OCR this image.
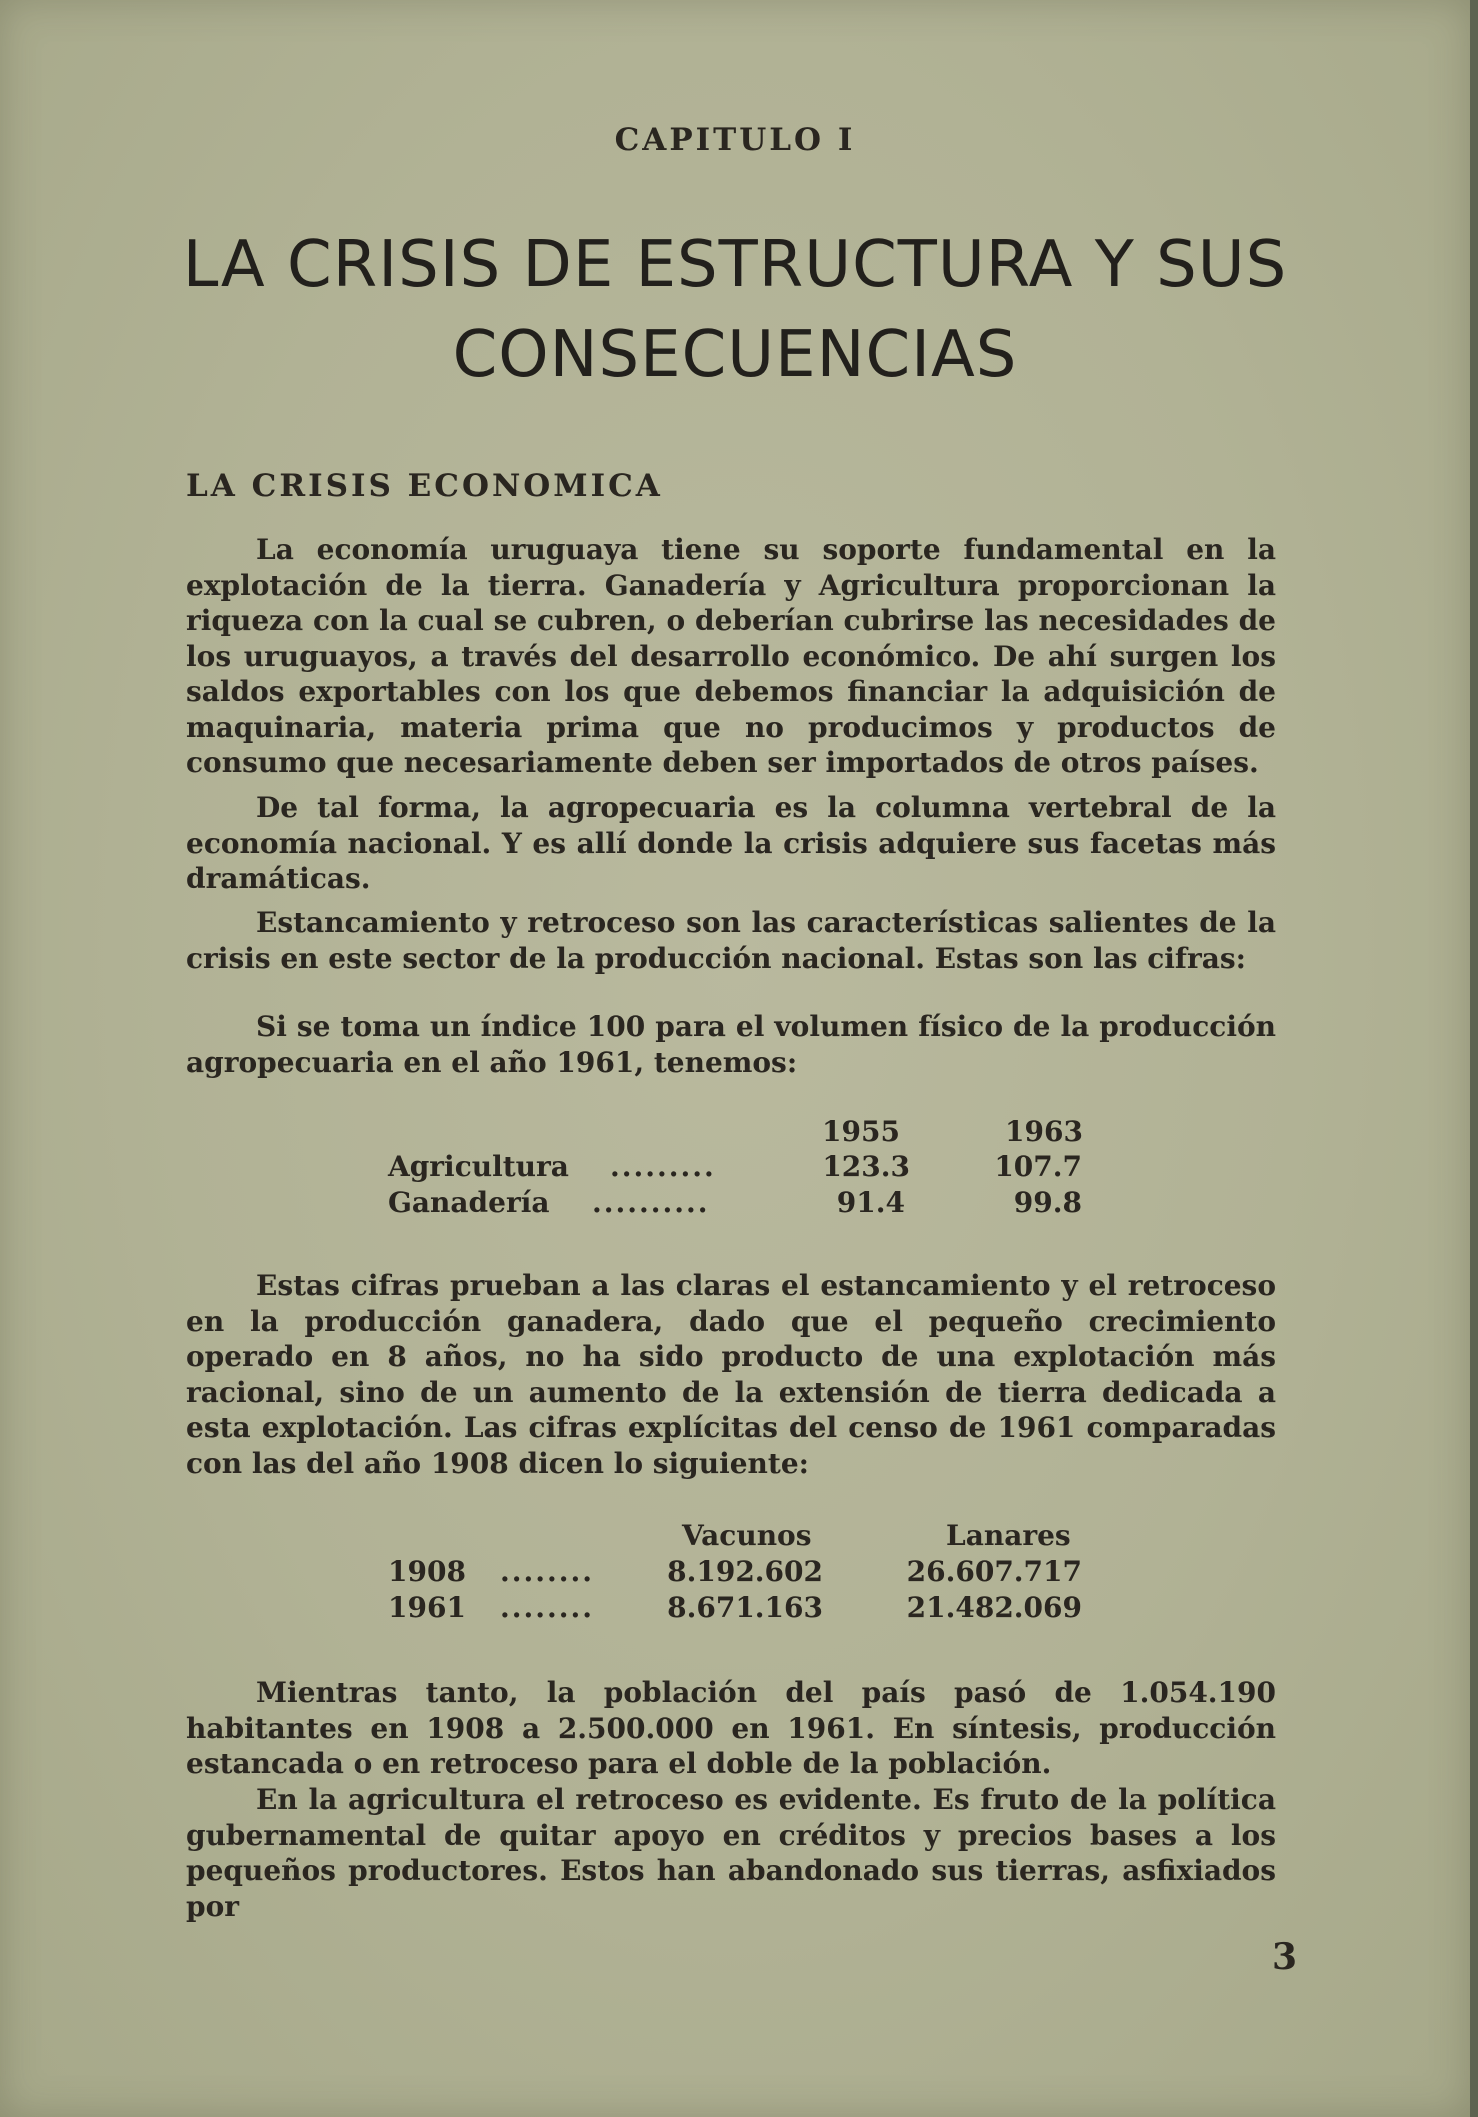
CAPITULO I
LA CRISIS DE ESTRUCTURA Y SUS
CONSECUENCIAS
LA CRISIS ECONOMICA

La economía uruguaya tiene su soporte fundamental en la explotación de la tierra. Ganadería y Agricultura proporcionan la riqueza con la cual se cubren, o deberían cubrirse las necesidades de los uruguayos, a través del desarrollo económico. De ahí surgen los saldos exportables con los que debemos financiar la adquisición de maquinaria, materia prima que no producimos y productos de consumo que necesariamente deben ser importados de otros países.

De tal forma, la agropecuaria es la columna vertebral de la economía nacional. Y es allí donde la crisis adquiere sus facetas más dramáticas.

Estancamiento y retroceso son las características salientes de la crisis en este sector de la producción nacional. Estas son las cifras:

Si se toma un índice 100 para el volumen físico de la producción agropecuaria en el año 1961, tenemos:

1955	1963
Agricultura .........	123.3	107.7
Ganadería ..........	91.4	99.8

Estas cifras prueban a las claras el estancamiento y el retroceso en la producción ganadera, dado que el pequeño crecimiento operado en 8 años, no ha sido producto de una explotación más racional, sino de un aumento de la extensión de tierra dedicada a esta explotación. Las cifras explícitas del censo de 1961 comparadas con las del año 1908 dicen lo siguiente:

Vacunos	Lanares
1908 ........	8.192.602	26.607.717
1961 ........	8.671.163	21.482.069

Mientras tanto, la población del país pasó de 1.054.190 habitantes en 1908 a 2.500.000 en 1961. En síntesis, producción estancada o en retroceso para el doble de la población.

En la agricultura el retroceso es evidente. Es fruto de la política gubernamental de quitar apoyo en créditos y precios bases a los pequeños productores. Estos han abandonado sus tierras, asfixiados por

3
